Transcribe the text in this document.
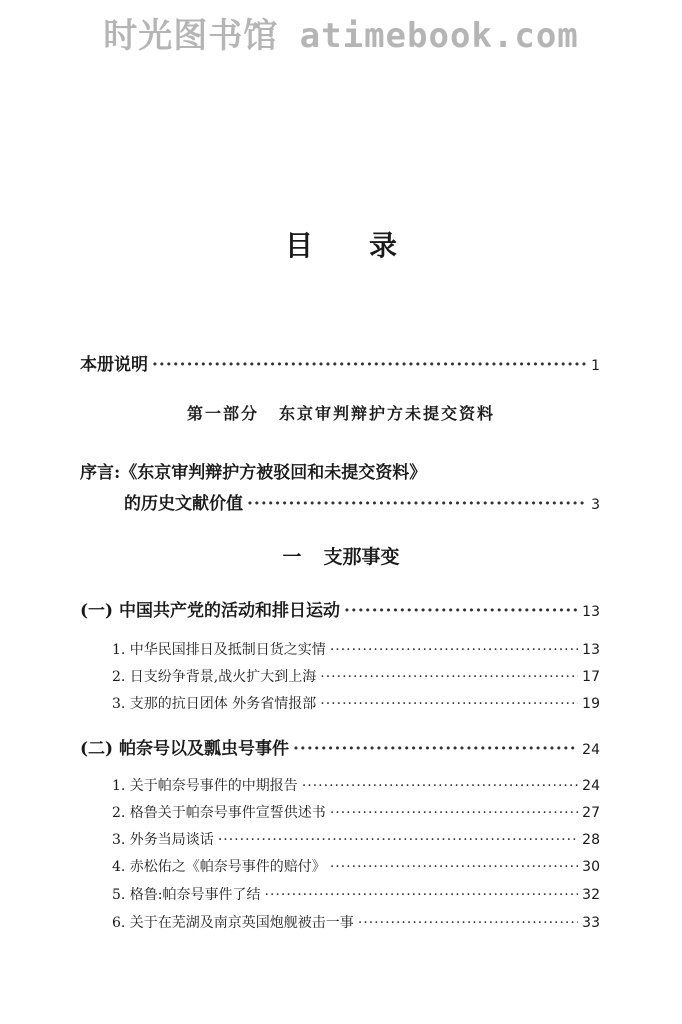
时光图书馆 atimebook.com
目录
本册说明 ·····	1
第一部分 东京审判辩护方未提交资料
序言:《东京审判辩护方被驳回和未提交资料》
的历史文献价值 ·····	3
一 支那事变
(一) 中国共产党的活动和排日运动 ·····	13
1. 中华民国排日及抵制日货之实情 ·····	13
2. 日支纷争背景,战火扩大到上海 ·····	17
3. 支那的抗日团体 外务省情报部 ·····	19
(二) 帕奈号以及瓢虫号事件 ·····	24
1. 关于帕奈号事件的中期报告 ·····	24
2. 格鲁关于帕奈号事件宣誓供述书 ·····	27
3. 外务当局谈话 ·····	28
4. 赤松佑之《帕奈号事件的赔付》 ·····	30
5. 格鲁:帕奈号事件了结 ·····	32
6. 关于在芜湖及南京英国炮舰被击一事 ·····	33
